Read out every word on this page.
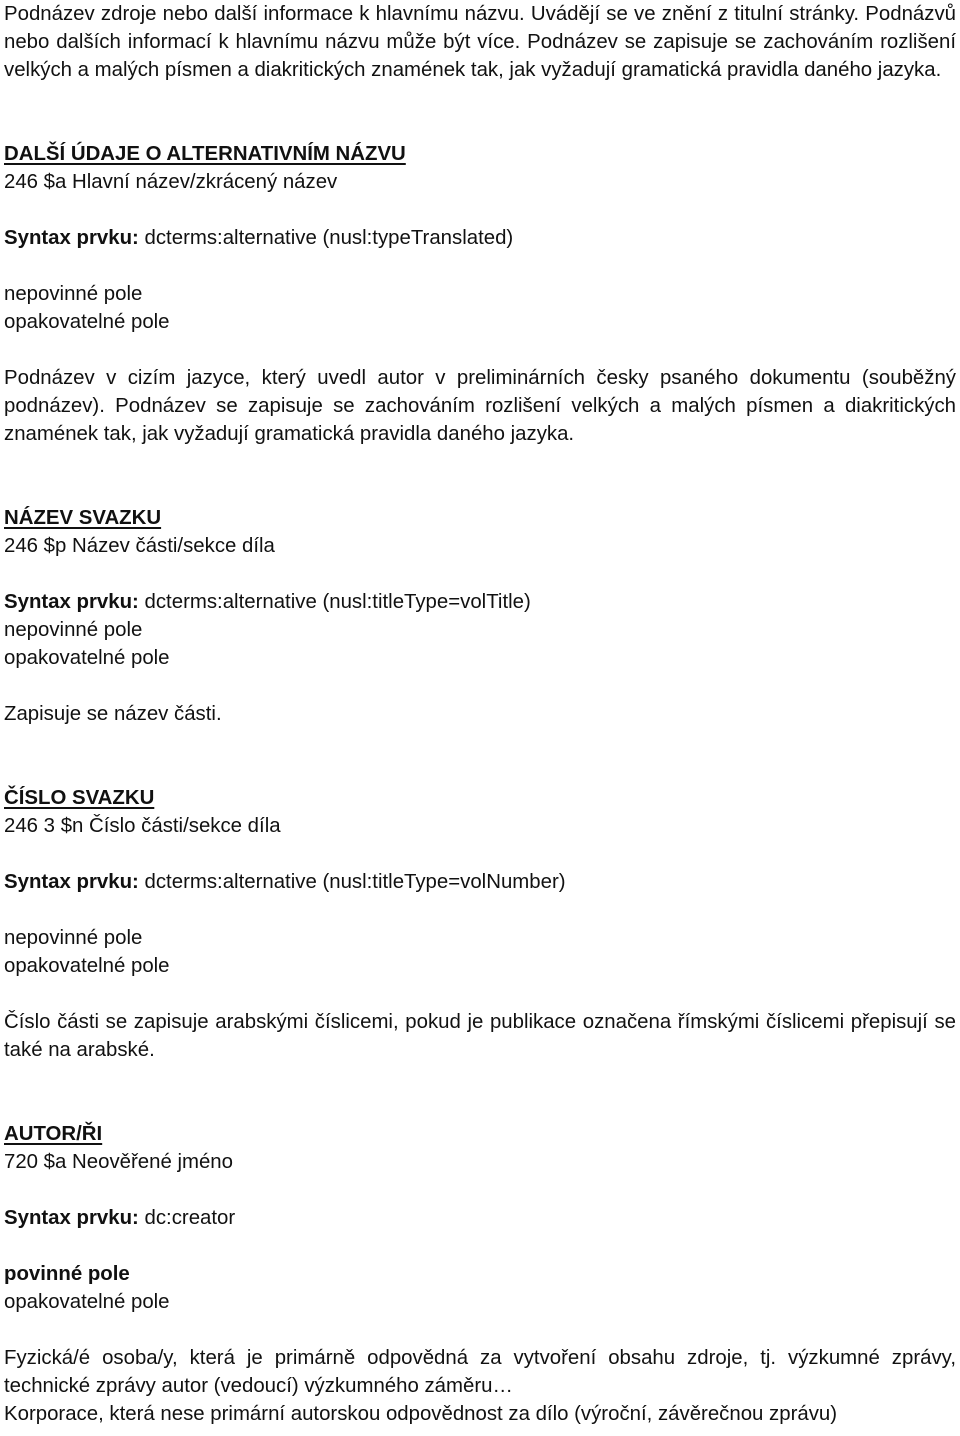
Podnázev zdroje nebo další informace k hlavnímu názvu. Uvádějí se ve znění z titulní stránky. Podnázvů nebo dalších informací k hlavnímu názvu může být více. Podnázev se zapisuje se zachováním rozlišení velkých a malých písmen a diakritických znamének tak, jak vyžadují gramatická pravidla daného jazyka.

DALŠÍ ÚDAJE O ALTERNATIVNÍM NÁZVU

246 $a Hlavní název/zkrácený název

Syntax prvku: dcterms:alternative (nusl:typeTranslated)

nepovinné pole

opakovatelné pole

Podnázev v cizím jazyce, který uvedl autor v preliminárních česky psaného dokumentu (souběžný podnázev). Podnázev se zapisuje se zachováním rozlišení velkých a malých písmen a diakritických znamének tak, jak vyžadují gramatická pravidla daného jazyka.

NÁZEV SVAZKU

246 $p Název části/sekce díla

Syntax prvku: dcterms:alternative (nusl:titleType=volTitle)

nepovinné pole

opakovatelné pole

Zapisuje se název části.

ČÍSLO SVAZKU

246 3 $n Číslo části/sekce díla

Syntax prvku: dcterms:alternative (nusl:titleType=volNumber)

nepovinné pole

opakovatelné pole

Číslo části se zapisuje arabskými číslicemi, pokud je publikace označena římskými číslicemi přepisují se také na arabské.

AUTOR/ŘI

720 $a Neověřené jméno

Syntax prvku: dc:creator

povinné pole

opakovatelné pole

Fyzická/é osoba/y, která je primárně odpovědná za vytvoření obsahu zdroje, tj. výzkumné zprávy, technické zprávy autor (vedoucí) výzkumného záměru…

Korporace, která nese primární autorskou odpovědnost za dílo (výroční, závěrečnou zprávu)
